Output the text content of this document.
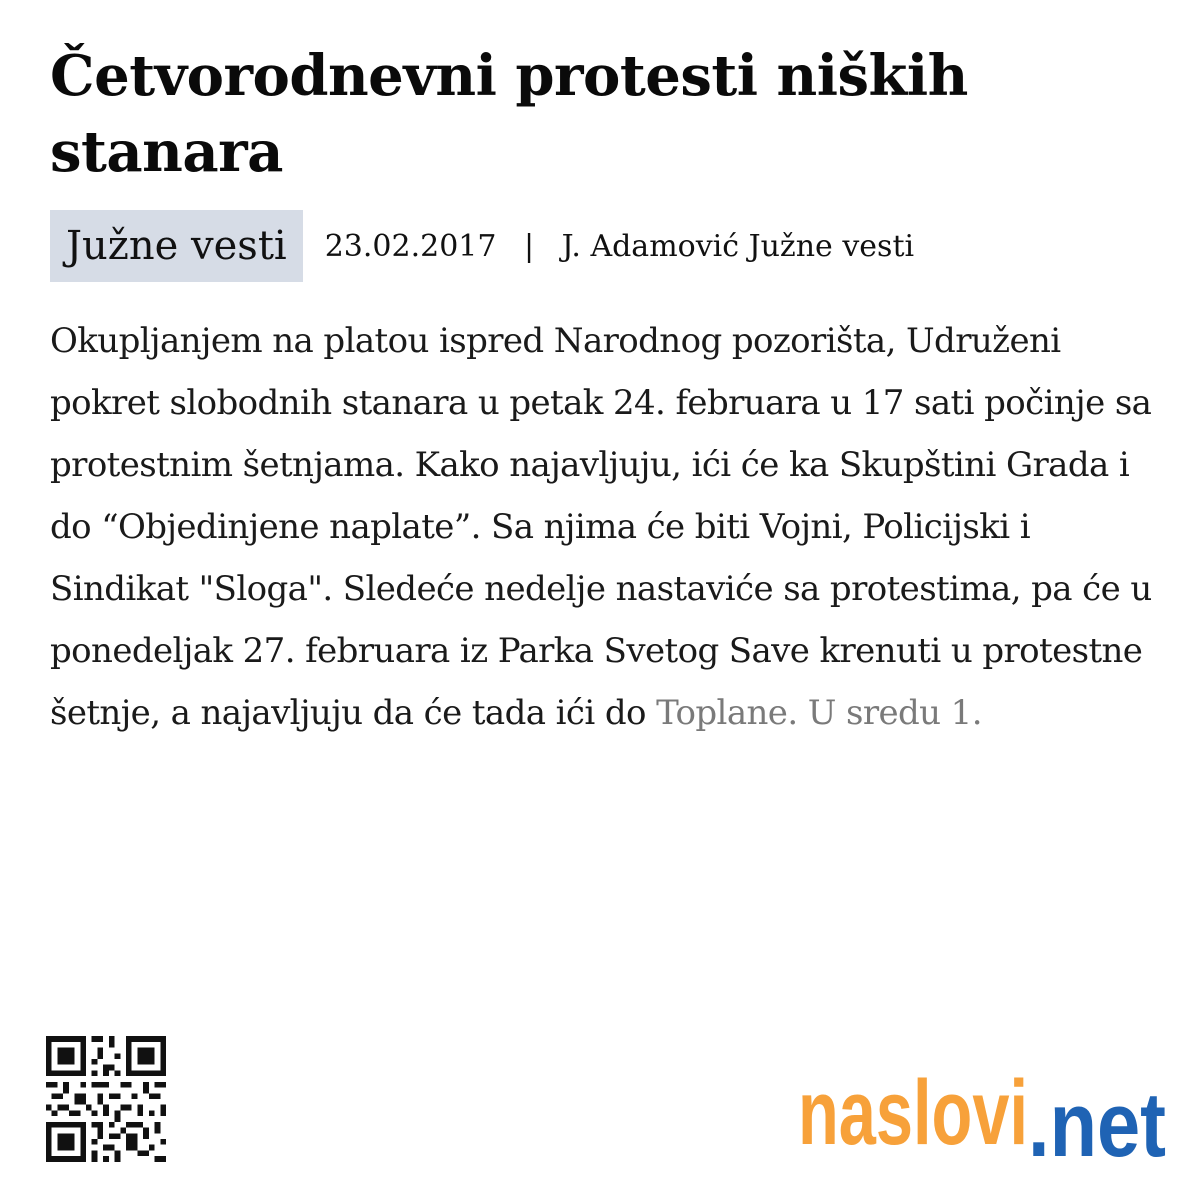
Četvorodnevni protesti niških stanara
Južne vesti	23.02.2017 | J. Adamović Južne vesti

Okupljanjem na platou ispred Narodnog pozorišta, Udruženi pokret slobodnih stanara u petak 24. februara u 17 sati počinje sa protestnim šetnjama. Kako najavljuju, ići će ka Skupštini Grada i do “Objedinjene naplate”. Sa njima će biti Vojni, Policijski i Sindikat "Sloga". Sledeće nedelje nastaviće sa protestima, pa će u ponedeljak 27. februara iz Parka Svetog Save krenuti u protestne šetnje, a najavljuju da će tada ići do Toplane. U sredu 1.

naslovi .net
